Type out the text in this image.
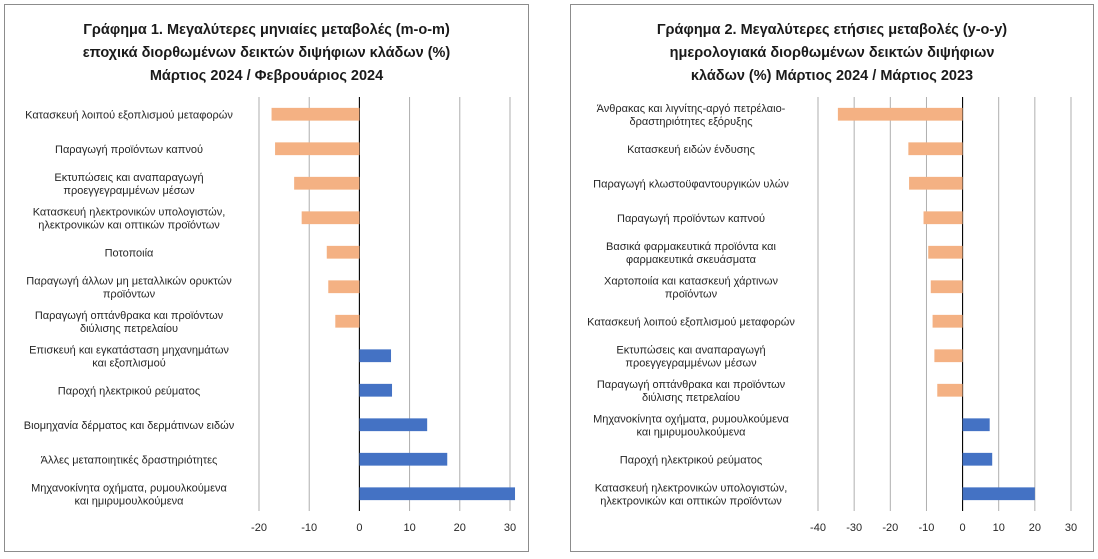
Γράφημα 1. Μεγαλύτερες μηνιαίες μεταβολές (m-o-m)
εποχικά διορθωμένων δεικτών διψήφιων κλάδων (%)
Μάρτιος 2024 / Φεβρουάριος 2024
-20	-10	0	10	20	30
Κατασκευή λοιπού εξοπλισμού μεταφορών
Παραγωγή προϊόντων καπνού
Εκτυπώσεις και αναπαραγωγή προεγγεγραμμένων μέσων
Κατασκευή ηλεκτρονικών υπολογιστών, ηλεκτρονικών και οπτικών προϊόντων
Ποτοποιία
Παραγωγή άλλων μη μεταλλικών ορυκτών προϊόντων
Παραγωγή οπτάνθρακα και προϊόντων διύλισης πετρελαίου
Επισκευή και εγκατάσταση μηχανημάτων και εξοπλισμού
Παροχή ηλεκτρικού ρεύματος
Βιομηχανία δέρματος και δερμάτινων ειδών
Άλλες μεταποιητικές δραστηριότητες
Μηχανοκίνητα οχήματα, ρυμουλκούμενα και ημιρυμουλκούμενα
Γράφημα 2. Μεγαλύτερες ετήσιες μεταβολές (y-o-y)
ημερολογιακά διορθωμένων δεικτών διψήφιων
κλάδων (%) Μάρτιος 2024 / Μάρτιος 2023
-40 -30 -20 -10 0 10 20 30
Άνθρακας και λιγνίτης-αργό πετρέλαιο-δραστηριότητες εξόρυξης
Κατασκευή ειδών ένδυσης
Παραγωγή κλωστοϋφαντουργικών υλών
Παραγωγή προϊόντων καπνού
Βασικά φαρμακευτικά προϊόντα και φαρμακευτικά σκευάσματα
Χαρτοποιία και κατασκευή χάρτινων προϊόντων
Κατασκευή λοιπού εξοπλισμού μεταφορών
Εκτυπώσεις και αναπαραγωγή προεγγεγραμμένων μέσων
Παραγωγή οπτάνθρακα και προϊόντων διύλισης πετρελαίου
Μηχανοκίνητα οχήματα, ρυμουλκούμενα και ημιρυμουλκούμενα
Παροχή ηλεκτρικού ρεύματος
Κατασκευή ηλεκτρονικών υπολογιστών, ηλεκτρονικών και οπτικών προϊόντων
